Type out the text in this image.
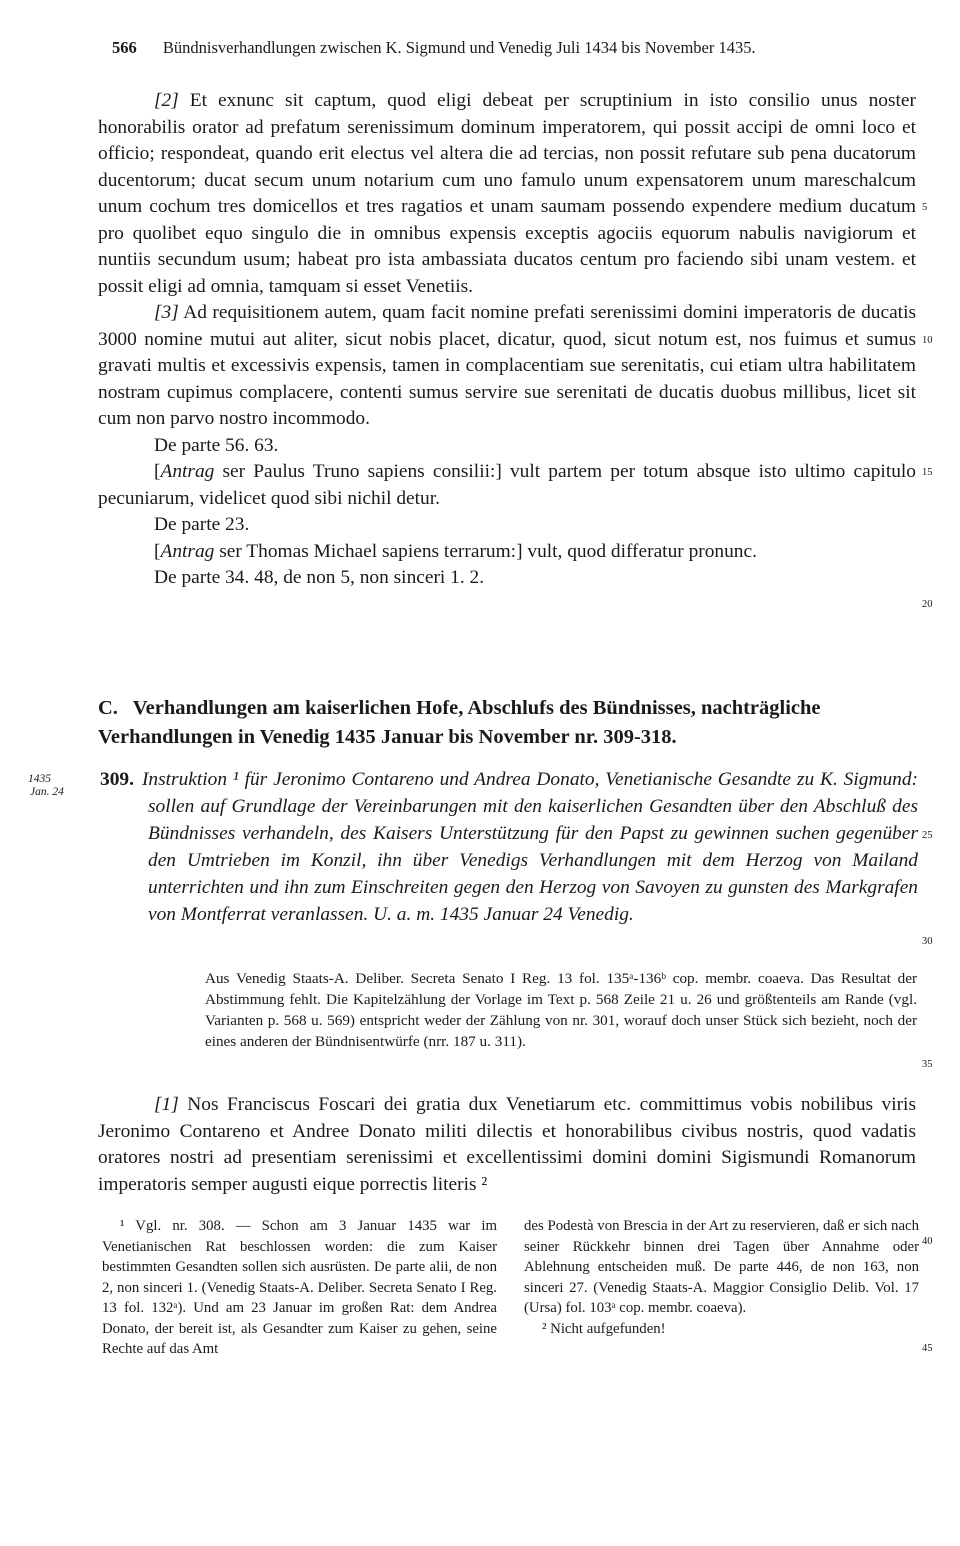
566 Bündnisverhandlungen zwischen K. Sigmund und Venedig Juli 1434 bis November 1435.

[2] Et exnunc sit captum, quod eligi debeat per scruptinium in isto consilio unus noster honorabilis orator ad prefatum serenissimum dominum imperatorem, qui possit accipi de omni loco et officio; respondeat, quando erit electus vel altera die ad tercias, non possit refutare sub pena ducatorum ducentorum; ducat secum unum notarium cum uno famulo unum expensatorem unum mareschalcum unum cochum tres domicellos et tres ragatios et unam saumam possendo expendere medium ducatum pro quolibet equo singulo die in omnibus expensis exceptis agociis equorum nabulis navigiorum et nuntiis secundum usum; habeat pro ista ambassiata ducatos centum pro faciendo sibi unam vestem. et possit eligi ad omnia, tamquam si esset Venetiis.

[3] Ad requisitionem autem, quam facit nomine prefati serenissimi domini imperatoris de ducatis 3000 nomine mutui aut aliter, sicut nobis placet, dicatur, quod, sicut notum est, nos fuimus et sumus gravati multis et excessivis expensis, tamen in complacentiam sue serenitatis, cui etiam ultra habilitatem nostram cupimus complacere, contenti sumus servire sue serenitati de ducatis duobus millibus, licet sit cum non parvo nostro incommodo.

De parte 56. 63.

[Antrag ser Paulus Truno sapiens consilii:] vult partem per totum absque isto ultimo capitulo pecuniarum, videlicet quod sibi nichil detur.

De parte 23.

[Antrag ser Thomas Michael sapiens terrarum:] vult, quod differatur pronunc.

De parte 34. 48, de non 5, non sinceri 1. 2.

5
10
15
20
25
30
35
40
45
C. Verhandlungen am kaiserlichen Hofe, Abschlufs des Bündnisses, nachträgliche Verhandlungen in Venedig 1435 Januar bis November nr. 309-318.
1435
Jan. 24
309. Instruktion ¹ für Jeronimo Contareno und Andrea Donato, Venetianische Gesandte zu K. Sigmund: sollen auf Grundlage der Vereinbarungen mit den kaiserlichen Gesandten über den Abschluß des Bündnisses verhandeln, des Kaisers Unterstützung für den Papst zu gewinnen suchen gegenüber den Umtrieben im Konzil, ihn über Venedigs Verhandlungen mit dem Herzog von Mailand unterrichten und ihn zum Einschreiten gegen den Herzog von Savoyen zu gunsten des Markgrafen von Montferrat veranlassen. U. a. m. 1435 Januar 24 Venedig.
Aus Venedig Staats-A. Deliber. Secreta Senato I Reg. 13 fol. 135ᵃ-136ᵇ cop. membr. coaeva. Das Resultat der Abstimmung fehlt. Die Kapitelzählung der Vorlage im Text p. 568 Zeile 21 u. 26 und größtenteils am Rande (vgl. Varianten p. 568 u. 569) entspricht weder der Zählung von nr. 301, worauf doch unser Stück sich bezieht, noch der eines anderen der Bündnisentwürfe (nrr. 187 u. 311).

[1] Nos Franciscus Foscari dei gratia dux Venetiarum etc. committimus vobis nobilibus viris Jeronimo Contareno et Andree Donato militi dilectis et honorabilibus civibus nostris, quod vadatis oratores nostri ad presentiam serenissimi et excellentissimi domini domini Sigismundi Romanorum imperatoris semper augusti eique porrectis literis ²

¹ Vgl. nr. 308. — Schon am 3 Januar 1435 war im Venetianischen Rat beschlossen worden: die zum Kaiser bestimmten Gesandten sollen sich ausrüsten. De parte alii, de non 2, non sinceri 1. (Venedig Staats-A. Deliber. Secreta Senato I Reg. 13 fol. 132ᵃ). Und am 23 Januar im großen Rat: dem Andrea Donato, der bereit ist, als Gesandter zum Kaiser zu gehen, seine Rechte auf das Amt

des Podestà von Brescia in der Art zu reservieren, daß er sich nach seiner Rückkehr binnen drei Tagen über Annahme oder Ablehnung entscheiden muß. De parte 446, de non 163, non sinceri 27. (Venedig Staats-A. Maggior Consiglio Delib. Vol. 17 (Ursa) fol. 103ᵃ cop. membr. coaeva).

² Nicht aufgefunden!
